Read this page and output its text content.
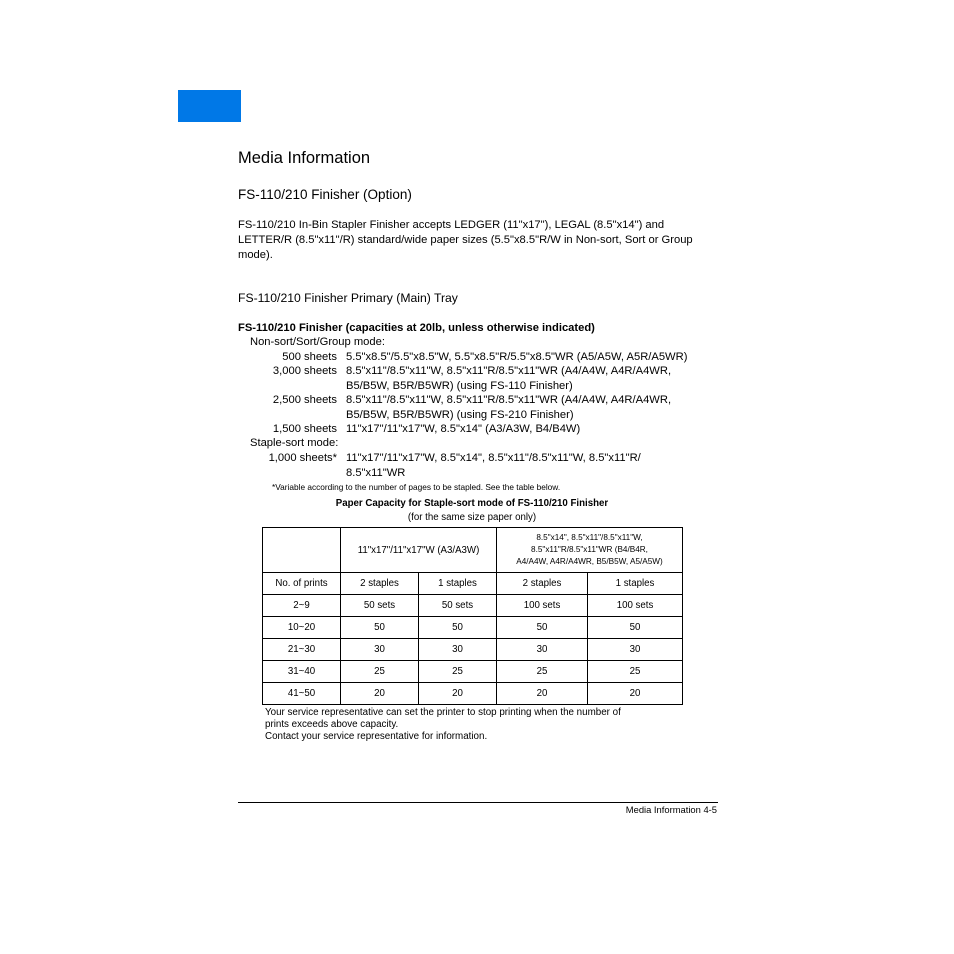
Media Information
FS-110/210 Finisher (Option)
FS-110/210 In-Bin Stapler Finisher accepts LEDGER (11"x17"), LEGAL (8.5"x14") and LETTER/R (8.5"x11"/R) standard/wide paper sizes (5.5"x8.5"R/W in Non-sort, Sort or Group mode).
FS-110/210 Finisher Primary (Main) Tray
FS-110/210 Finisher (capacities at 20lb, unless otherwise indicated)
Non-sort/Sort/Group mode:
500 sheets 5.5"x8.5"/5.5"x8.5"W, 5.5"x8.5"R/5.5"x8.5"WR (A5/A5W, A5R/A5WR)
3,000 sheets 8.5"x11"/8.5"x11"W, 8.5"x11"R/8.5"x11"WR (A4/A4W, A4R/A4WR,
B5/B5W, B5R/B5WR) (using FS-110 Finisher)
2,500 sheets 8.5"x11"/8.5"x11"W, 8.5"x11"R/8.5"x11"WR (A4/A4W, A4R/A4WR,
B5/B5W, B5R/B5WR) (using FS-210 Finisher)
1,500 sheets 11"x17"/11"x17"W, 8.5"x14" (A3/A3W, B4/B4W)
Staple-sort mode:
1,000 sheets* 11"x17"/11"x17"W, 8.5"x14", 8.5"x11"/8.5"x11"W, 8.5"x11"R/
8.5"x11"WR
*Variable according to the number of pages to be stapled. See the table below.
Paper Capacity for Staple-sort mode of FS-110/210 Finisher
(for the same size paper only)
	11"x17"/11"x17"W (A3/A3W)		8.5"x14", 8.5"x11"/8.5"x11"W,
8.5"x11"R/8.5"x11"WR (B4/B4R,
A4/A4W, A4R/A4WR, B5/B5W, A5/A5W)	

No. of prints	2 staples	1 staples	2 staples	1 staples
2~9	50 sets	50 sets	100 sets	100 sets
10~20	50	50	50	50
21~30	30	30	30	30
31~40	25	25	25	25
41~50	20	20	20	20
Your service representative can set the printer to stop printing when the number of
prints exceeds above capacity.
Contact your service representative for information.
Media Information 4-5
